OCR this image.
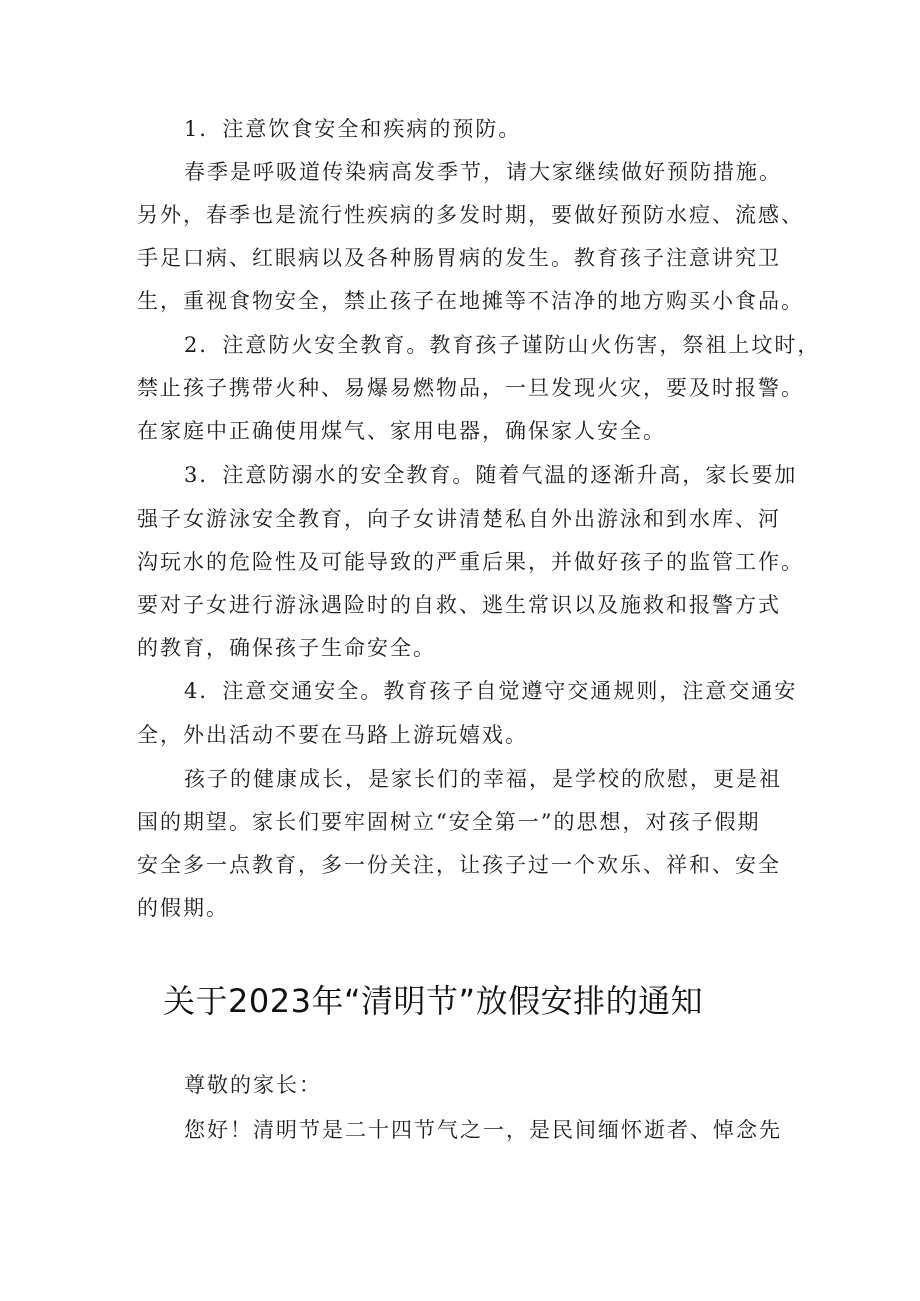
1．注意饮食安全和疾病的预防。
春季是呼吸道传染病高发季节，请大家继续做好预防措施。
另外，春季也是流行性疾病的多发时期，要做好预防水痘、流感、
手足口病、红眼病以及各种肠胃病的发生。教育孩子注意讲究卫
生，重视食物安全，禁止孩子在地摊等不洁净的地方购买小食品。
2．注意防火安全教育。教育孩子谨防山火伤害，祭祖上坟时，
禁止孩子携带火种、易爆易燃物品，一旦发现火灾，要及时报警。
在家庭中正确使用煤气、家用电器，确保家人安全。
3．注意防溺水的安全教育。随着气温的逐渐升高，家长要加
强子女游泳安全教育，向子女讲清楚私自外出游泳和到水库、河
沟玩水的危险性及可能导致的严重后果，并做好孩子的监管工作。
要对子女进行游泳遇险时的自救、逃生常识以及施救和报警方式
的教育，确保孩子生命安全。
4．注意交通安全。教育孩子自觉遵守交通规则，注意交通安
全，外出活动不要在马路上游玩嬉戏。
孩子的健康成长，是家长们的幸福，是学校的欣慰，更是祖
国的期望。家长们要牢固树立“安全第一”的思想，对孩子假期
安全多一点教育，多一份关注，让孩子过一个欢乐、祥和、安全
的假期。
关于2023年“清明节”放假安排的通知
尊敬的家长：
您好！清明节是二十四节气之一，是民间缅怀逝者、悼念先
